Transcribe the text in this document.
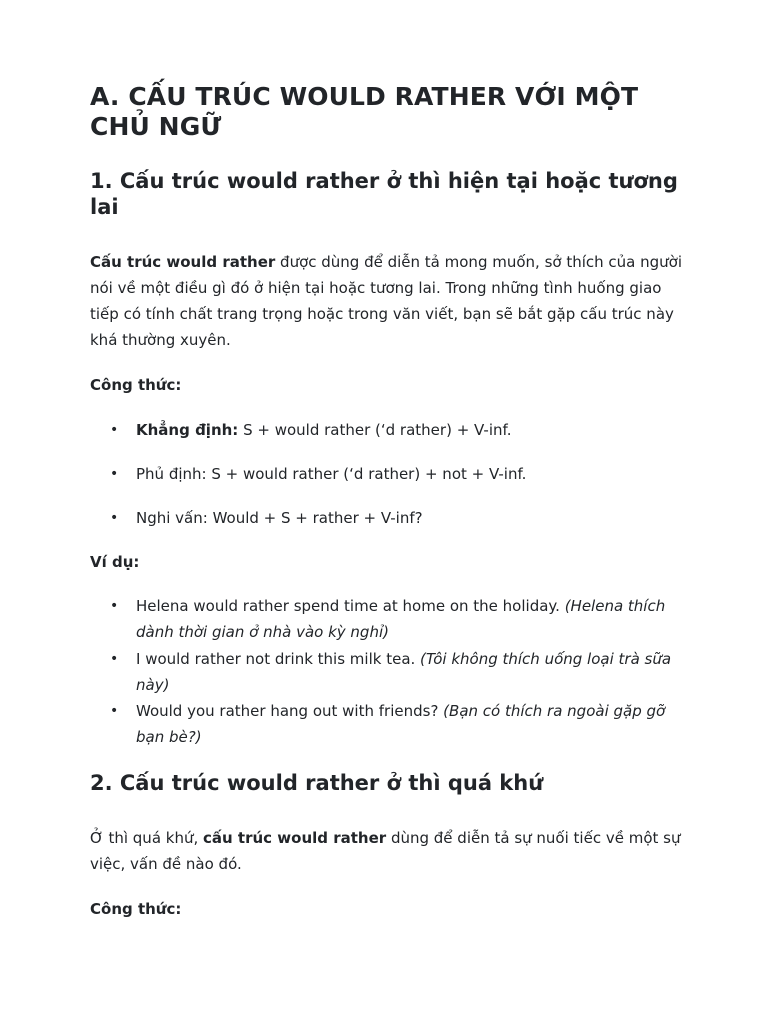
A. CẤU TRÚC WOULD RATHER VỚI MỘT CHỦ NGỮ
1. Cấu trúc would rather ở thì hiện tại hoặc tương lai

Cấu trúc would rather được dùng để diễn tả mong muốn, sở thích của người nói về một điều gì đó ở hiện tại hoặc tương lai. Trong những tình huống giao tiếp có tính chất trang trọng hoặc trong văn viết, bạn sẽ bắt gặp cấu trúc này khá thường xuyên.

Công thức:

• Khẳng định: S + would rather (‘d rather) + V-inf.
• Phủ định: S + would rather (‘d rather) + not + V-inf.
• Nghi vấn: Would + S + rather + V-inf?

Ví dụ:

• Helena would rather spend time at home on the holiday. (Helena thích dành thời gian ở nhà vào kỳ nghỉ)
• I would rather not drink this milk tea. (Tôi không thích uống loại trà sữa này)
• Would you rather hang out with friends? (Bạn có thích ra ngoài gặp gỡ bạn bè?)
2. Cấu trúc would rather ở thì quá khứ

Ở thì quá khứ, cấu trúc would rather dùng để diễn tả sự nuối tiếc về một sự việc, vấn đề nào đó.

Công thức:
